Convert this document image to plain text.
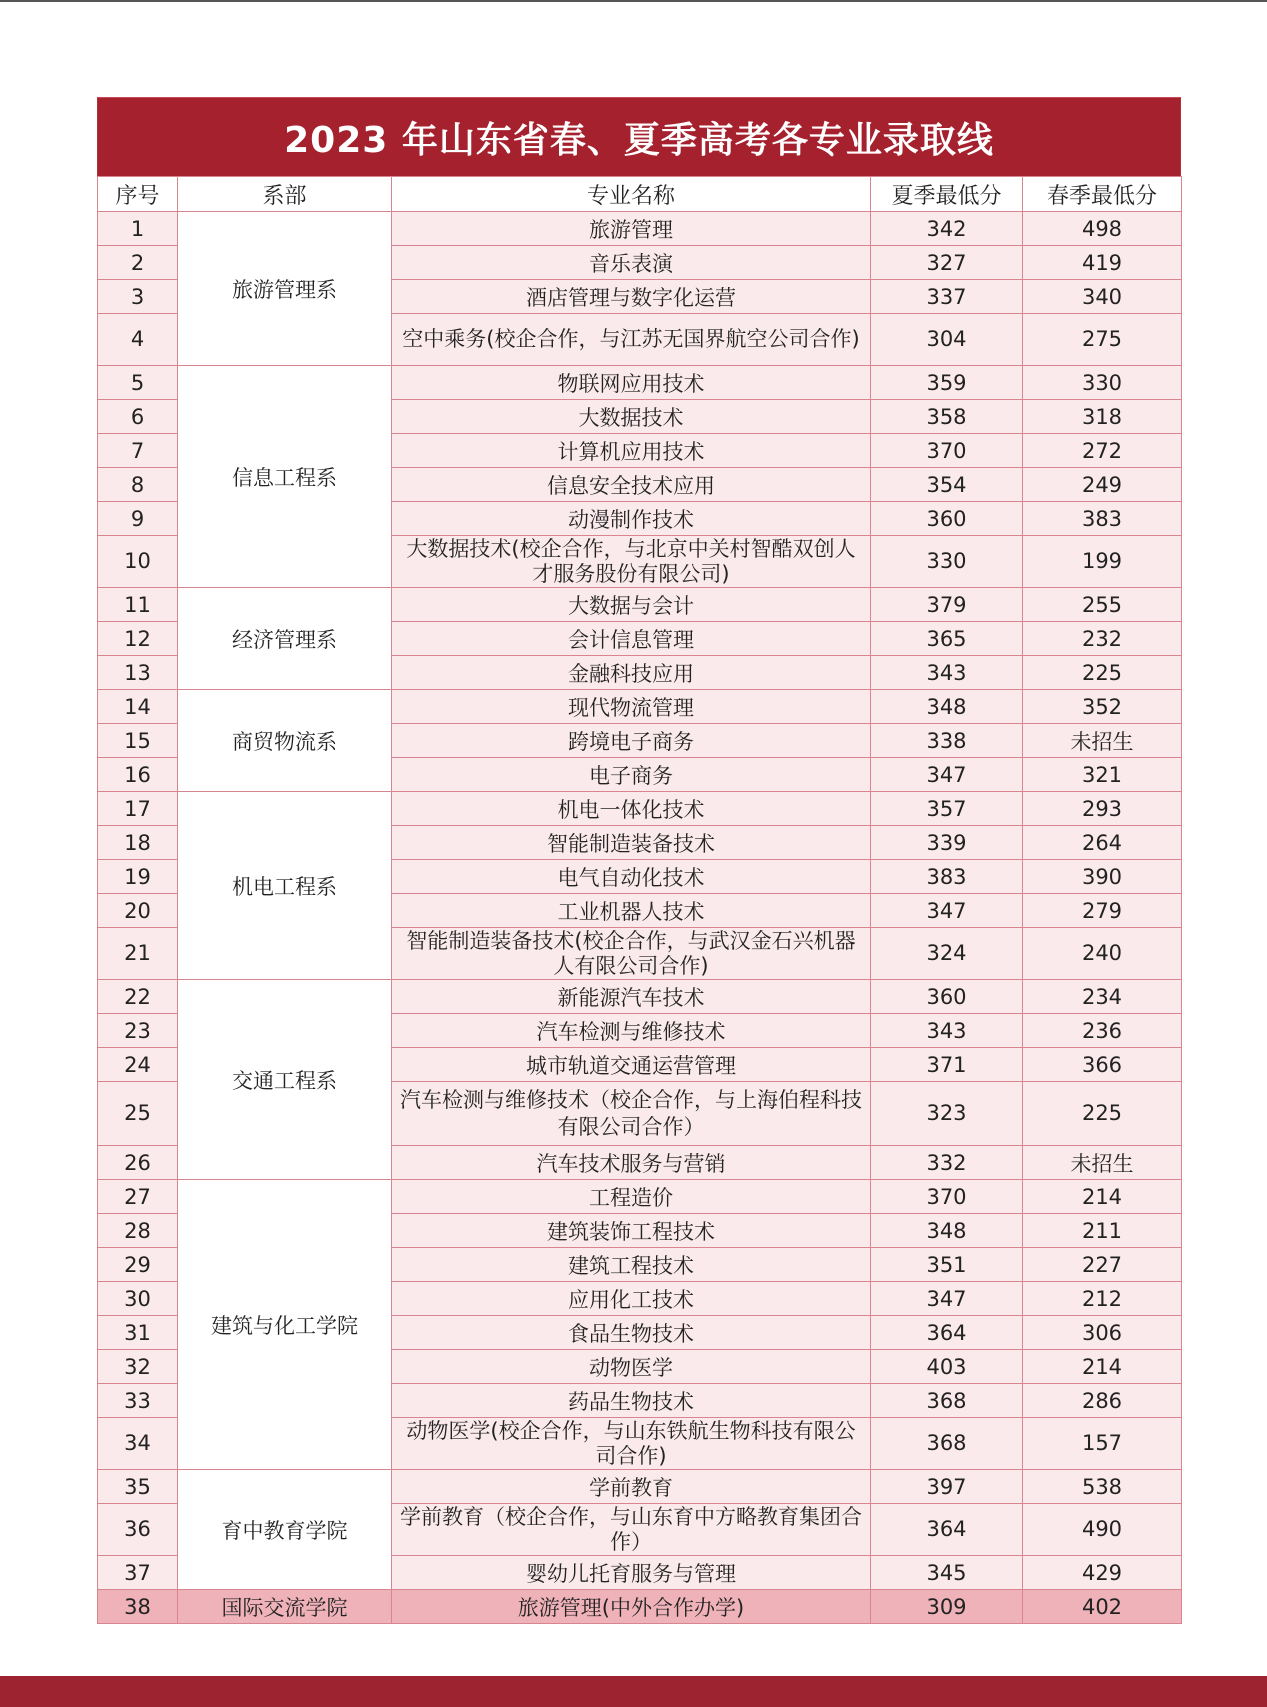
2023 年山东省春、夏季高考各专业录取线
序号	系部	专业名称	夏季最低分	春季最低分
1	旅游管理系	旅游管理	342	498
2		音乐表演	327	419
3		酒店管理与数字化运营	337	340
4		空中乘务(校企合作，与江苏无国界航空公司合作)	304	275
5	信息工程系	物联网应用技术	359	330
6		大数据技术	358	318
7		计算机应用技术	370	272
8		信息安全技术应用	354	249
9		动漫制作技术	360	383
10		大数据技术(校企合作，与北京中关村智酷双创人才服务股份有限公司)	330	199
11	经济管理系	大数据与会计	379	255
12		会计信息管理	365	232
13		金融科技应用	343	225
14	商贸物流系	现代物流管理	348	352
15		跨境电子商务	338	未招生
16		电子商务	347	321
17	机电工程系	机电一体化技术	357	293
18		智能制造装备技术	339	264
19		电气自动化技术	383	390
20		工业机器人技术	347	279
21		智能制造装备技术(校企合作，与武汉金石兴机器人有限公司合作)	324	240
22	交通工程系	新能源汽车技术	360	234
23		汽车检测与维修技术	343	236
24		城市轨道交通运营管理	371	366
25		汽车检测与维修技术（校企合作，与上海伯程科技有限公司合作）	323	225
26		汽车技术服务与营销	332	未招生
27	建筑与化工学院	工程造价	370	214
28		建筑装饰工程技术	348	211
29		建筑工程技术	351	227
30		应用化工技术	347	212
31		食品生物技术	364	306
32		动物医学	403	214
33		药品生物技术	368	286
34		动物医学(校企合作，与山东铁航生物科技有限公司合作)	368	157
35	育中教育学院	学前教育	397	538
36		学前教育（校企合作，与山东育中方略教育集团合作）	364	490
37		婴幼儿托育服务与管理	345	429
38	国际交流学院	旅游管理(中外合作办学)	309	402
